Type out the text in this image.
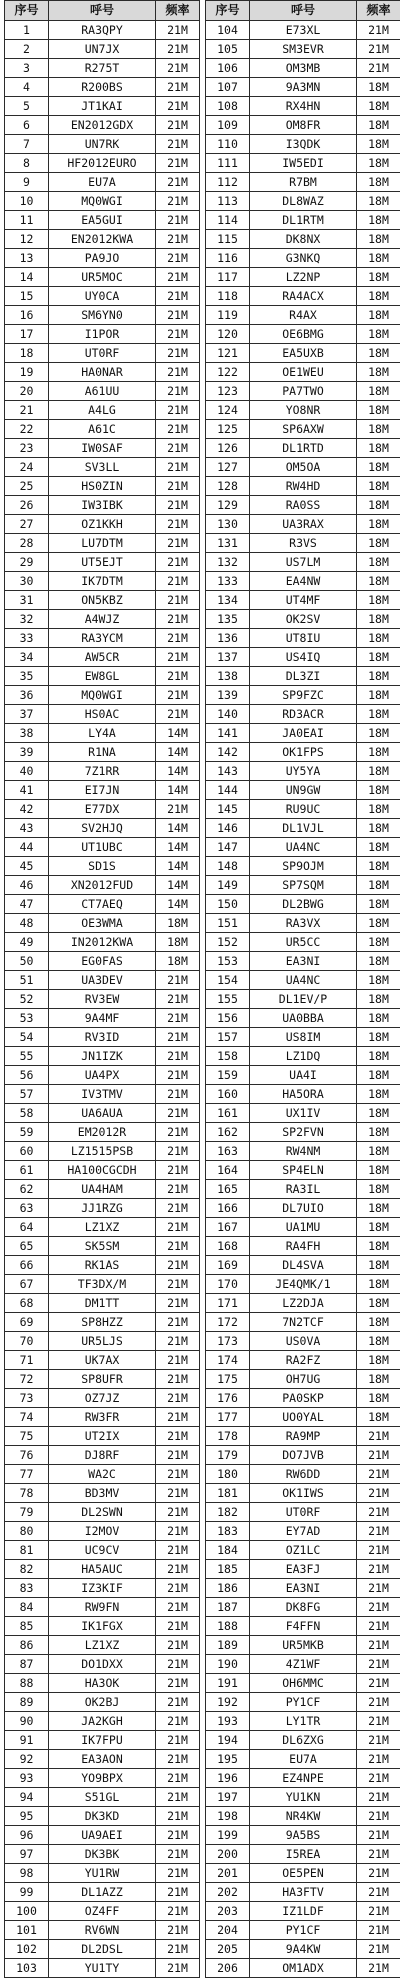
序号	呼号	频率
1	RA3QPY	21M
2	UN7JX	21M
3	R275T	21M
4	R200BS	21M
5	JT1KAI	21M
6	EN2012GDX	21M
7	UN7RK	21M
8	HF2012EURO	21M
9	EU7A	21M
10	MQ0WGI	21M
11	EA5GUI	21M
12	EN2012KWA	21M
13	PA9JO	21M
14	UR5MOC	21M
15	UY0CA	21M
16	SM6YN0	21M
17	I1POR	21M
18	UT0RF	21M
19	HA0NAR	21M
20	A61UU	21M
21	A4LG	21M
22	A61C	21M
23	IW0SAF	21M
24	SV3LL	21M
25	HS0ZIN	21M
26	IW3IBK	21M
27	OZ1KKH	21M
28	LU7DTM	21M
29	UT5EJT	21M
30	IK7DTM	21M
31	ON5KBZ	21M
32	A4WJZ	21M
33	RA3YCM	21M
34	AW5CR	21M
35	EW8GL	21M
36	MQ0WGI	21M
37	HS0AC	21M
38	LY4A	14M
39	R1NA	14M
40	7Z1RR	14M
41	EI7JN	14M
42	E77DX	21M
43	SV2HJQ	14M
44	UT1UBC	14M
45	SD1S	14M
46	XN2012FUD	14M
47	CT7AEQ	14M
48	OE3WMA	18M
49	IN2012KWA	18M
50	EG0FAS	18M
51	UA3DEV	21M
52	RV3EW	21M
53	9A4MF	21M
54	RV3ID	21M
55	JN1IZK	21M
56	UA4PX	21M
57	IV3TMV	21M
58	UA6AUA	21M
59	EM2012R	21M
60	LZ1515PSB	21M
61	HA100CGCDH	21M
62	UA4HAM	21M
63	JJ1RZG	21M
64	LZ1XZ	21M
65	SK5SM	21M
66	RK1AS	21M
67	TF3DX/M	21M
68	DM1TT	21M
69	SP8HZZ	21M
70	UR5LJS	21M
71	UK7AX	21M
72	SP8UFR	21M
73	OZ7JZ	21M
74	RW3FR	21M
75	UT2IX	21M
76	DJ8RF	21M
77	WA2C	21M
78	BD3MV	21M
79	DL2SWN	21M
80	I2MOV	21M
81	UC9CV	21M
82	HA5AUC	21M
83	IZ3KIF	21M
84	RW9FN	21M
85	IK1FGX	21M
86	LZ1XZ	21M
87	DO1DXX	21M
88	HA3OK	21M
89	OK2BJ	21M
90	JA2KGH	21M
91	IK7FPU	21M
92	EA3AON	21M
93	YO9BPX	21M
94	S51GL	21M
95	DK3KD	21M
96	UA9AEI	21M
97	DK3BK	21M
98	YU1RW	21M
99	DL1AZZ	21M
100	OZ4FF	21M
101	RV6WN	21M
102	DL2DSL	21M
103	YU1TY	21M
序号	呼号	频率
104	E73XL	21M
105	SM3EVR	21M
106	OM3MB	21M
107	9A3MN	18M
108	RX4HN	18M
109	OM8FR	18M
110	I3QDK	18M
111	IW5EDI	18M
112	R7BM	18M
113	DL8WAZ	18M
114	DL1RTM	18M
115	DK8NX	18M
116	G3NKQ	18M
117	LZ2NP	18M
118	RA4ACX	18M
119	R4AX	18M
120	OE6BMG	18M
121	EA5UXB	18M
122	OE1WEU	18M
123	PA7TWO	18M
124	YO8NR	18M
125	SP6AXW	18M
126	DL1RTD	18M
127	OM5OA	18M
128	RW4HD	18M
129	RA0SS	18M
130	UA3RAX	18M
131	R3VS	18M
132	US7LM	18M
133	EA4NW	18M
134	UT4MF	18M
135	OK2SV	18M
136	UT8IU	18M
137	US4IQ	18M
138	DL3ZI	18M
139	SP9FZC	18M
140	RD3ACR	18M
141	JA0EAI	18M
142	OK1FPS	18M
143	UY5YA	18M
144	UN9GW	18M
145	RU9UC	18M
146	DL1VJL	18M
147	UA4NC	18M
148	SP9OJM	18M
149	SP7SQM	18M
150	DL2BWG	18M
151	RA3VX	18M
152	UR5CC	18M
153	EA3NI	18M
154	UA4NC	18M
155	DL1EV/P	18M
156	UA0BBA	18M
157	US8IM	18M
158	LZ1DQ	18M
159	UA4I	18M
160	HA5ORA	18M
161	UX1IV	18M
162	SP2FVN	18M
163	RW4NM	18M
164	SP4ELN	18M
165	RA3IL	18M
166	DL7UIO	18M
167	UA1MU	18M
168	RA4FH	18M
169	DL4SVA	18M
170	JE4QMK/1	18M
171	LZ2DJA	18M
172	7N2TCF	18M
173	US0VA	18M
174	RA2FZ	18M
175	OH7UG	18M
176	PA0SKP	18M
177	UO0YAL	18M
178	RA9MP	21M
179	DO7JVB	21M
180	RW6DD	21M
181	OK1IWS	21M
182	UT0RF	21M
183	EY7AD	21M
184	OZ1LC	21M
185	EA3FJ	21M
186	EA3NI	21M
187	DK8FG	21M
188	F4FFN	21M
189	UR5MKB	21M
190	4Z1WF	21M
191	OH6MMC	21M
192	PY1CF	21M
193	LY1TR	21M
194	DL6ZXG	21M
195	EU7A	21M
196	EZ4NPE	21M
197	YU1KN	21M
198	NR4KW	21M
199	9A5BS	21M
200	I5REA	21M
201	OE5PEN	21M
202	HA3FTV	21M
203	IZ1LDF	21M
204	PY1CF	21M
205	9A4KW	21M
206	OM1ADX	21M
